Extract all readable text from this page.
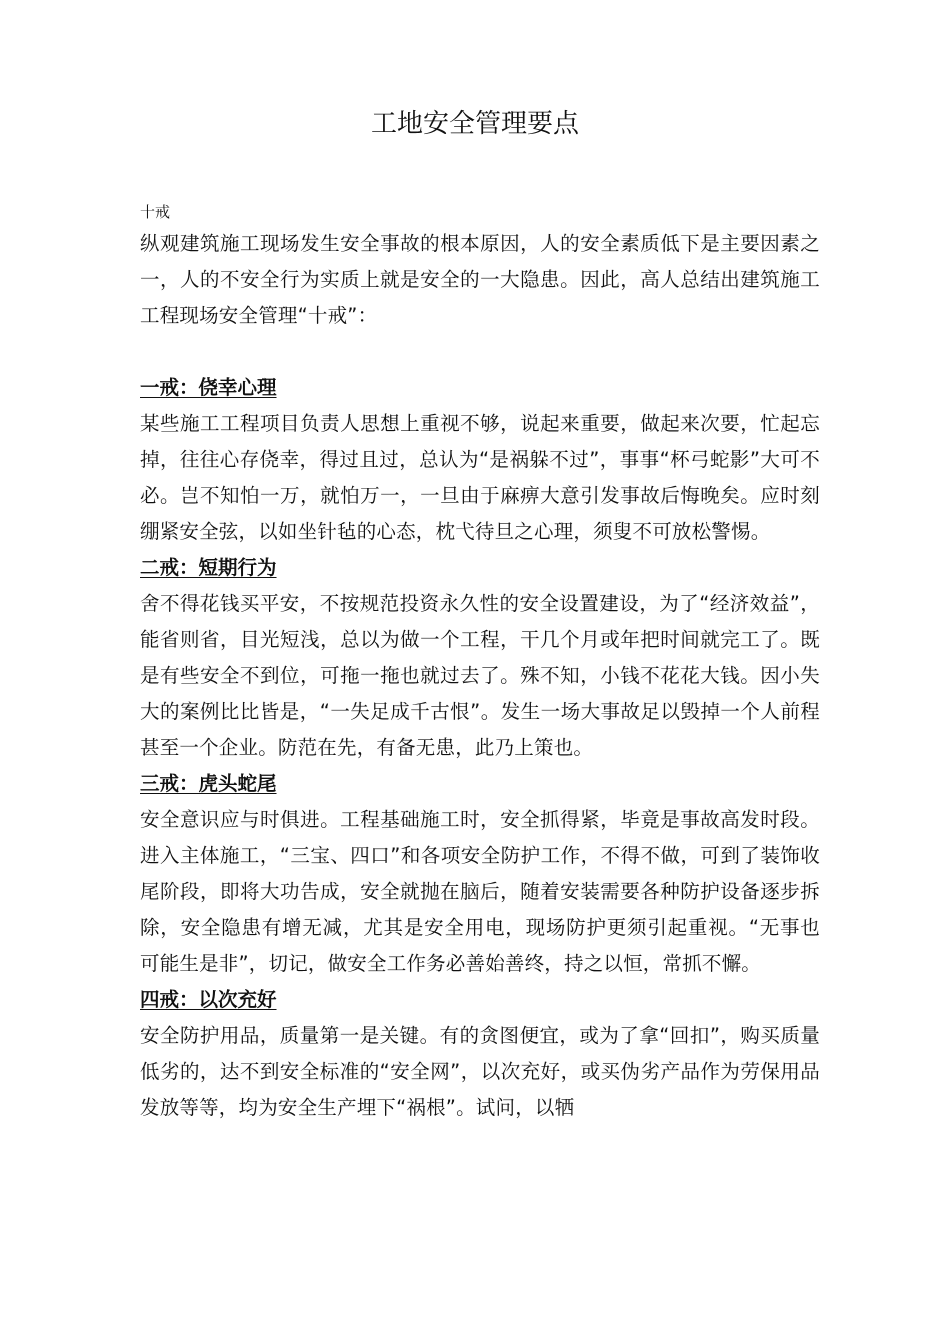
工地安全管理要点

十戒

纵观建筑施工现场发生安全事故的根本原因，人的安全素质低下是主要因素之一，人的不安全行为实质上就是安全的一大隐患。因此，高人总结出建筑施工工程现场安全管理“十戒”：

一戒：侥幸心理

某些施工工程项目负责人思想上重视不够，说起来重要，做起来次要，忙起忘掉，往往心存侥幸，得过且过，总认为“是祸躲不过”，事事“杯弓蛇影”大可不必。岂不知怕一万，就怕万一，一旦由于麻痹大意引发事故后悔晚矣。应时刻绷紧安全弦，以如坐针毡的心态，枕弋待旦之心理，须叟不可放松警惕。

二戒：短期行为

舍不得花钱买平安，不按规范投资永久性的安全设置建设，为了“经济效益”，能省则省，目光短浅，总以为做一个工程，干几个月或年把时间就完工了。既是有些安全不到位，可拖一拖也就过去了。殊不知，小钱不花花大钱。因小失大的案例比比皆是，“一失足成千古恨”。发生一场大事故足以毁掉一个人前程甚至一个企业。防范在先，有备无患，此乃上策也。

三戒：虎头蛇尾

安全意识应与时俱进。工程基础施工时，安全抓得紧，毕竟是事故高发时段。进入主体施工，“三宝、四口”和各项安全防护工作，不得不做，可到了装饰收尾阶段，即将大功告成，安全就抛在脑后，随着安装需要各种防护设备逐步拆除，安全隐患有增无减，尤其是安全用电，现场防护更须引起重视。“无事也可能生是非”，切记，做安全工作务必善始善终，持之以恒，常抓不懈。

四戒：以次充好

安全防护用品，质量第一是关键。有的贪图便宜，或为了拿“回扣”，购买质量低劣的，达不到安全标准的“安全网”，以次充好，或买伪劣产品作为劳保用品发放等等，均为安全生产埋下“祸根”。试问，以牺
